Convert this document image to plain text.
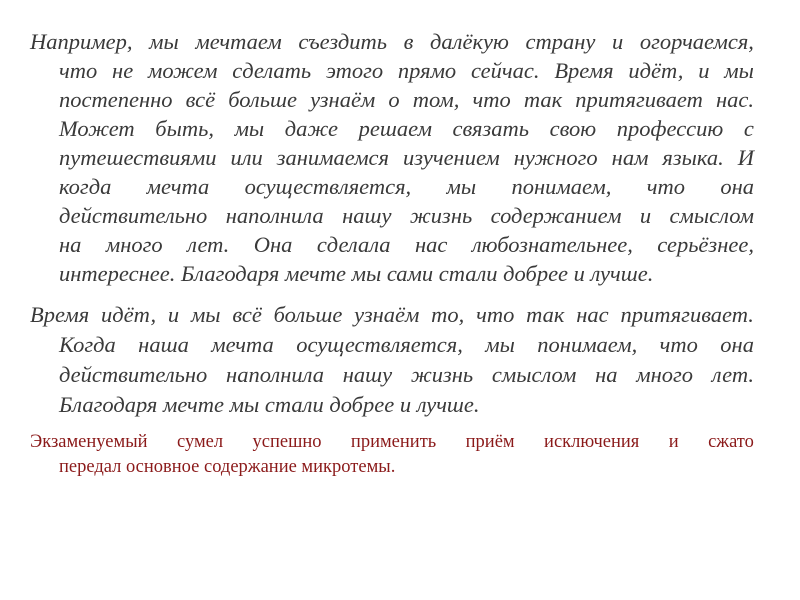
Например, мы мечтаем съездить в далёкую страну и огорчаемся,
что не можем сделать этого прямо сейчас. Время идёт, и мы
постепенно всё больше узнаём о том, что так притягивает нас.
Может быть, мы даже решаем связать свою профессию с
путешествиями или занимаемся изучением нужного нам языка. И
когда мечта осуществляется, мы понимаем, что она
действительно наполнила нашу жизнь содержанием и смыслом
на много лет. Она сделала нас любознательнее, серьёзнее,
интереснее. Благодаря мечте мы сами стали добрее и лучше.
Время идёт, и мы всё больше узнаём то, что так нас притягивает.
Когда наша мечта осуществляется, мы понимаем, что она
действительно наполнила нашу жизнь смыслом на много лет.
Благодаря мечте мы стали добрее и лучше.
Экзаменуемый сумел успешно применить приём исключения и сжато
передал основное содержание микротемы.
